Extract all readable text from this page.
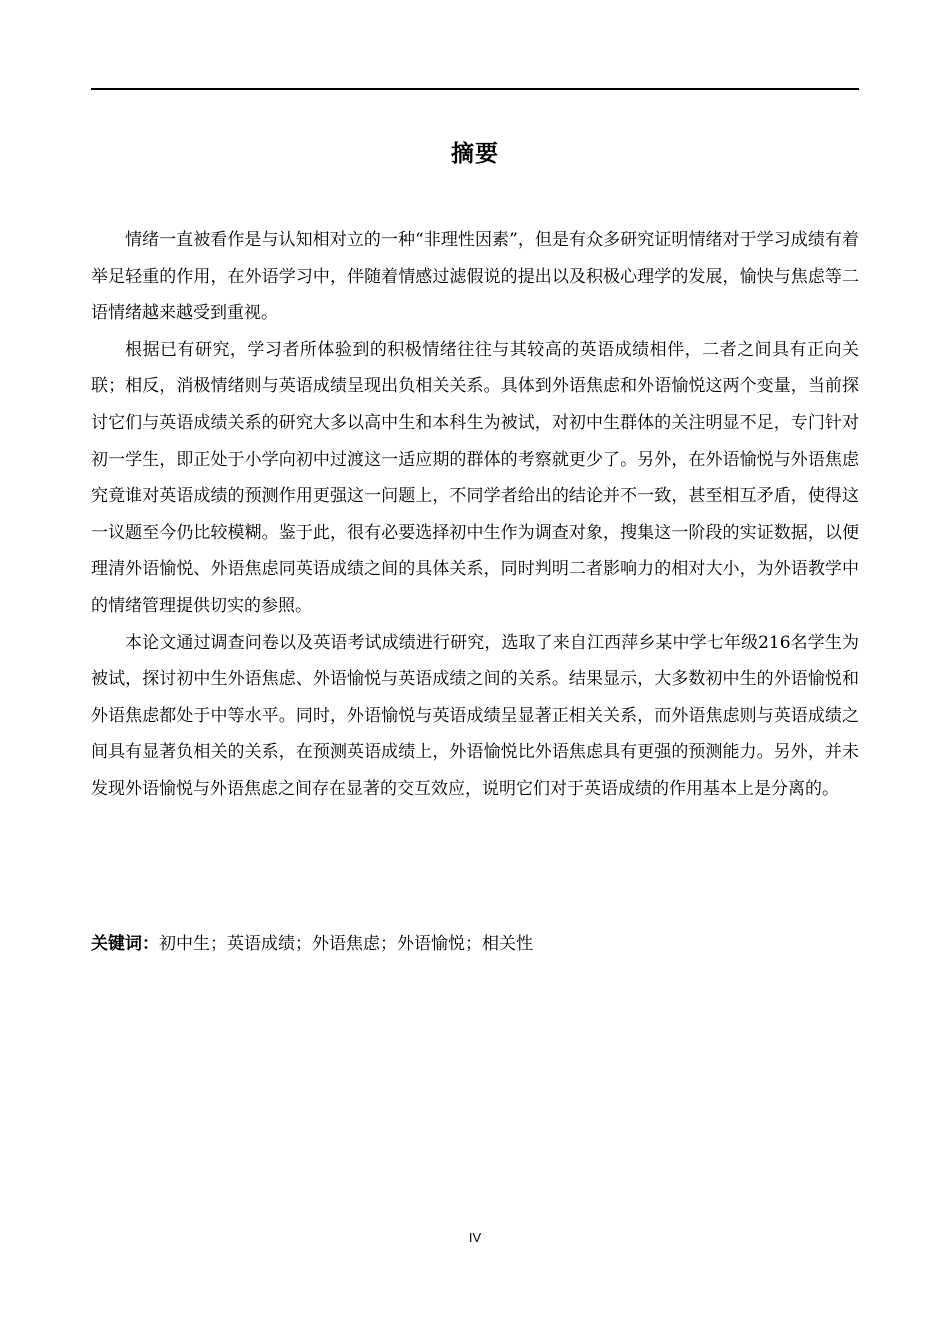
摘要

情绪一直被看作是与认知相对立的一种“非理性因素”，但是有众多研究证明情绪对于学习成绩有着举足轻重的作用，在外语学习中，伴随着情感过滤假说的提出以及积极心理学的发展，愉快与焦虑等二语情绪越来越受到重视。

根据已有研究，学习者所体验到的积极情绪往往与其较高的英语成绩相伴，二者之间具有正向关联；相反，消极情绪则与英语成绩呈现出负相关关系。具体到外语焦虑和外语愉悦这两个变量，当前探讨它们与英语成绩关系的研究大多以高中生和本科生为被试，对初中生群体的关注明显不足，专门针对初一学生，即正处于小学向初中过渡这一适应期的群体的考察就更少了。另外，在外语愉悦与外语焦虑究竟谁对英语成绩的预测作用更强这一问题上，不同学者给出的结论并不一致，甚至相互矛盾，使得这一议题至今仍比较模糊。鉴于此，很有必要选择初中生作为调查对象，搜集这一阶段的实证数据，以便理清外语愉悦、外语焦虑同英语成绩之间的具体关系，同时判明二者影响力的相对大小，为外语教学中的情绪管理提供切实的参照。

本论文通过调查问卷以及英语考试成绩进行研究，选取了来自江西萍乡某中学七年级216名学生为被试，探讨初中生外语焦虑、外语愉悦与英语成绩之间的关系。结果显示，大多数初中生的外语愉悦和外语焦虑都处于中等水平。同时，外语愉悦与英语成绩呈显著正相关关系，而外语焦虑则与英语成绩之间具有显著负相关的关系，在预测英语成绩上，外语愉悦比外语焦虑具有更强的预测能力。另外，并未发现外语愉悦与外语焦虑之间存在显著的交互效应，说明它们对于英语成绩的作用基本上是分离的。

关键词：初中生；英语成绩；外语焦虑；外语愉悦；相关性
IV
